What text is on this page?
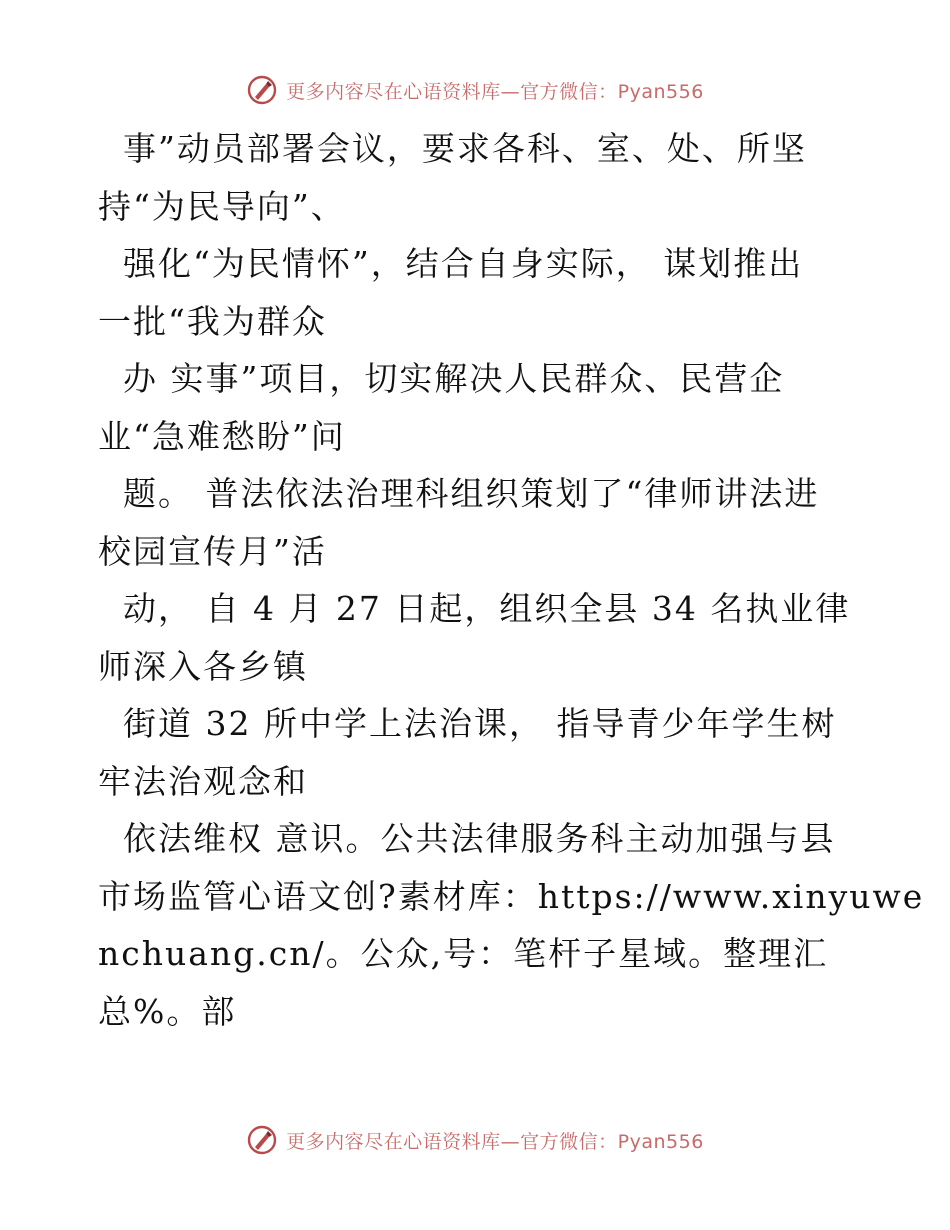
更多内容尽在心语资料库—官方微信：Pyan556
事”动员部署会议，要求各科、室、处、所坚
持“为民导向”、
强化“为民情怀”，结合自身实际， 谋划推出
一批“我为群众
办 实事”项目，切实解决人民群众、民营企
业“急难愁盼”问
题。 普法依法治理科组织策划了“律师讲法进
校园宣传月”活
动， 自 4 月 27 日起，组织全县 34 名执业律
师深入各乡镇
街道 32 所中学上法治课， 指导青少年学生树
牢法治观念和
依法维权 意识。公共法律服务科主动加强与县
市场监管心语文创?素材库：https://www.xinyuwe
nchuang.cn/。公众,号：笔杆子星域。整理汇
总%。部
更多内容尽在心语资料库—官方微信：Pyan556
